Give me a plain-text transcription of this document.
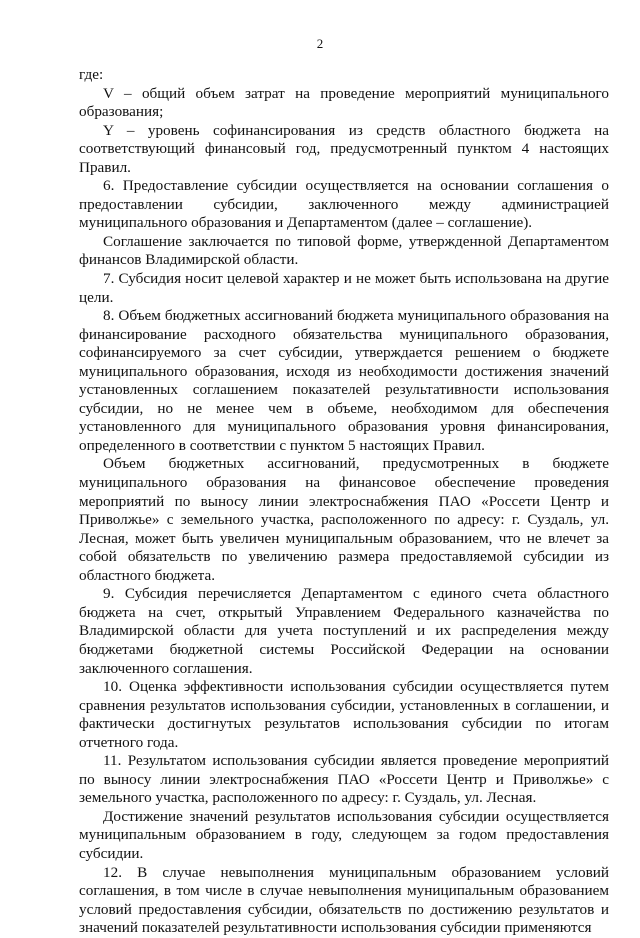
2

где:

V – общий объем затрат на проведение мероприятий муниципального образования;

Y – уровень софинансирования из средств областного бюджета на соответствующий финансовый год, предусмотренный пунктом 4 настоящих Правил.

6. Предоставление субсидии осуществляется на основании соглашения о предоставлении субсидии, заключенного между администрацией муниципального образования и Департаментом (далее – соглашение).

Соглашение заключается по типовой форме, утвержденной Департаментом финансов Владимирской области.

7. Субсидия носит целевой характер и не может быть использована на другие цели.

8. Объем бюджетных ассигнований бюджета муниципального образования на финансирование расходного обязательства муниципального образования, софинансируемого за счет субсидии, утверждается решением о бюджете муниципального образования, исходя из необходимости достижения значений установленных соглашением показателей результативности использования субсидии, но не менее чем в объеме, необходимом для обеспечения установленного для муниципального образования уровня финансирования, определенного в соответствии с пунктом 5 настоящих Правил.

Объем бюджетных ассигнований, предусмотренных в бюджете муниципального образования на финансовое обеспечение проведения мероприятий по выносу линии электроснабжения ПАО «Россети Центр и Приволжье» с земельного участка, расположенного по адресу: г. Суздаль, ул. Лесная, может быть увеличен муниципальным образованием, что не влечет за собой обязательств по увеличению размера предоставляемой субсидии из областного бюджета.

9. Субсидия перечисляется Департаментом с единого счета областного бюджета на счет, открытый Управлением Федерального казначейства по Владимирской области для учета поступлений и их распределения между бюджетами бюджетной системы Российской Федерации на основании заключенного соглашения.

10. Оценка эффективности использования субсидии осуществляется путем сравнения результатов использования субсидии, установленных в соглашении, и фактически достигнутых результатов использования субсидии по итогам отчетного года.

11. Результатом использования субсидии является проведение мероприятий по выносу линии электроснабжения ПАО «Россети Центр и Приволжье» с земельного участка, расположенного по адресу: г. Суздаль, ул. Лесная.

Достижение значений результатов использования субсидии осуществляется муниципальным образованием в году, следующем за годом предоставления субсидии.

12. В случае невыполнения муниципальным образованием условий соглашения, в том числе в случае невыполнения муниципальным образованием условий предоставления субсидии, обязательств по достижению результатов и значений показателей результативности использования субсидии применяются
